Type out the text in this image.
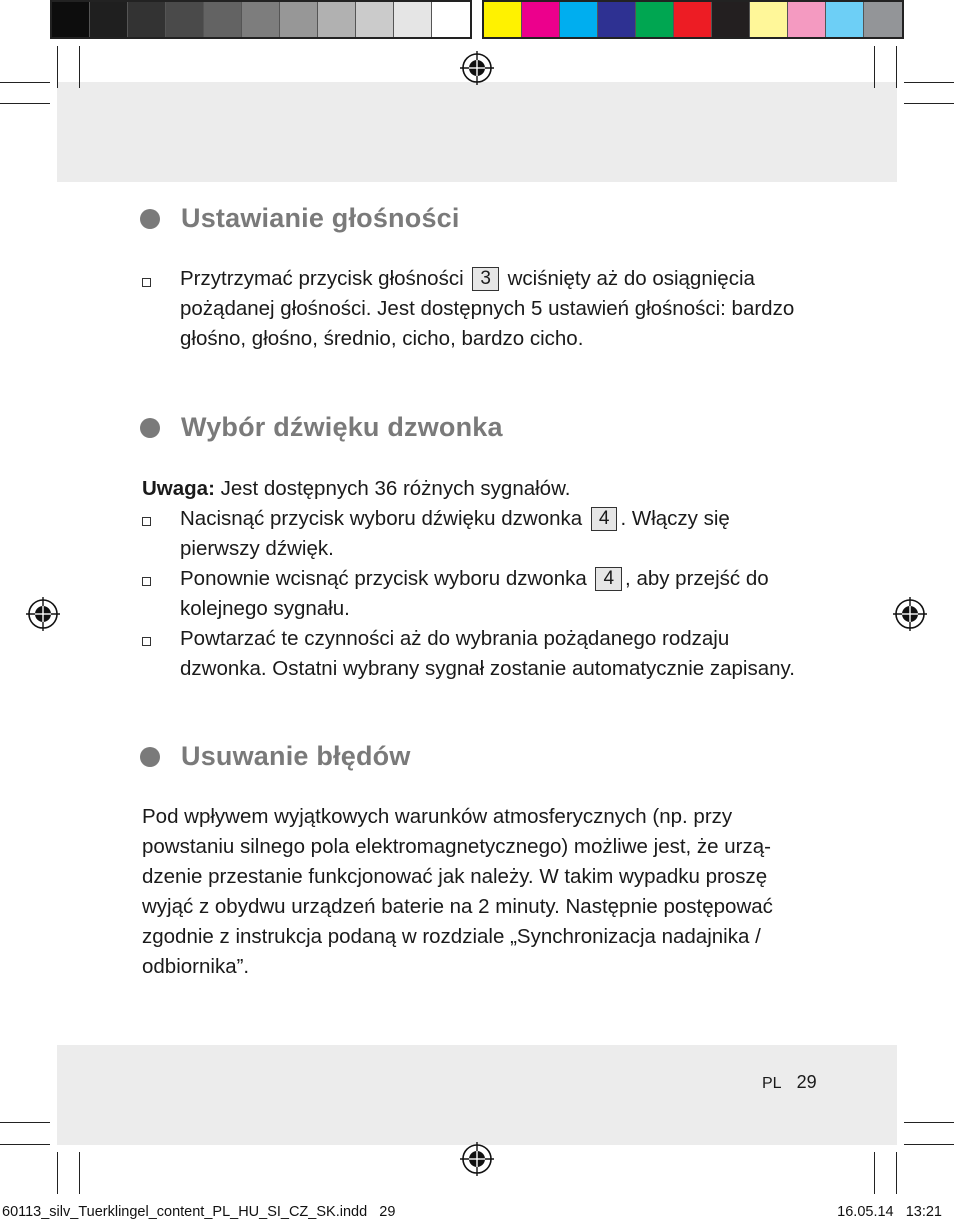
Ustawianie głośności
Przytrzymać przycisk głośności 3 wciśnięty aż do osiągnięcia
pożądanej głośności. Jest dostępnych 5 ustawień głośności: bardzo
głośno, głośno, średnio, cicho, bardzo cicho.
Wybór dźwięku dzwonka
Uwaga: Jest dostępnych 36 różnych sygnałów.
Nacisnąć przycisk wyboru dźwięku dzwonka 4 . Włączy się
pierwszy dźwięk.
Ponownie wcisnąć przycisk wyboru dzwonka 4 , aby przejść do
kolejnego sygnału.
Powtarzać te czynności aż do wybrania pożądanego rodzaju
dzwonka. Ostatni wybrany sygnał zostanie automatycznie zapisany.
Usuwanie błędów
Pod wpływem wyjątkowych warunków atmosferycznych (np. przy
powstaniu silnego pola elektromagnetycznego) możliwe jest, że urzą-
dzenie przestanie funkcjonować jak należy. W takim wypadku proszę
wyjąć z obydwu urządzeń baterie na 2 minuty. Następnie postępować
zgodnie z instrukcja podaną w rozdziale „Synchronizacja nadajnika /
odbiornika”.
PL 29
60113_silv_Tuerklingel_content_PL_HU_SI_CZ_SK.indd 29	16.05.14 13:21
